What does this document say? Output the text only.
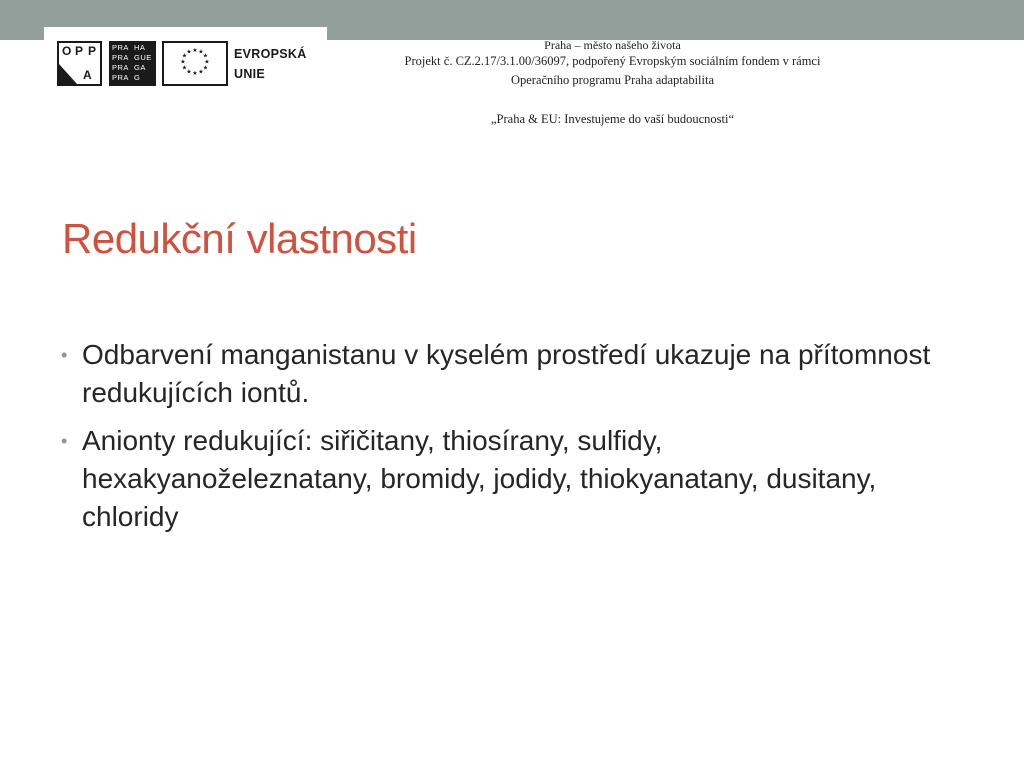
O P P
A
PRA HA
PRA GUE
PRA GA
PRA G
★ ★
★
★
★
★
★
★
★
★
★
★	EVROPSKÁ
UNIE
Praha – město našeho života
Projekt č. CZ.2.17/3.1.00/36097, podpořený Evropským sociálním fondem v rámci
Operačního programu Praha adaptabilita
„Praha & EU: Investujeme do vaší budoucnosti“
Redukční vlastnosti
• Odbarvení manganistanu v kyselém prostředí ukazuje na přítomnost redukujících iontů.
• Anionty redukující: siřičitany, thiosírany, sulfidy, hexakyanoželeznatany, bromidy, jodidy, thiokyanatany, dusitany, chloridy
